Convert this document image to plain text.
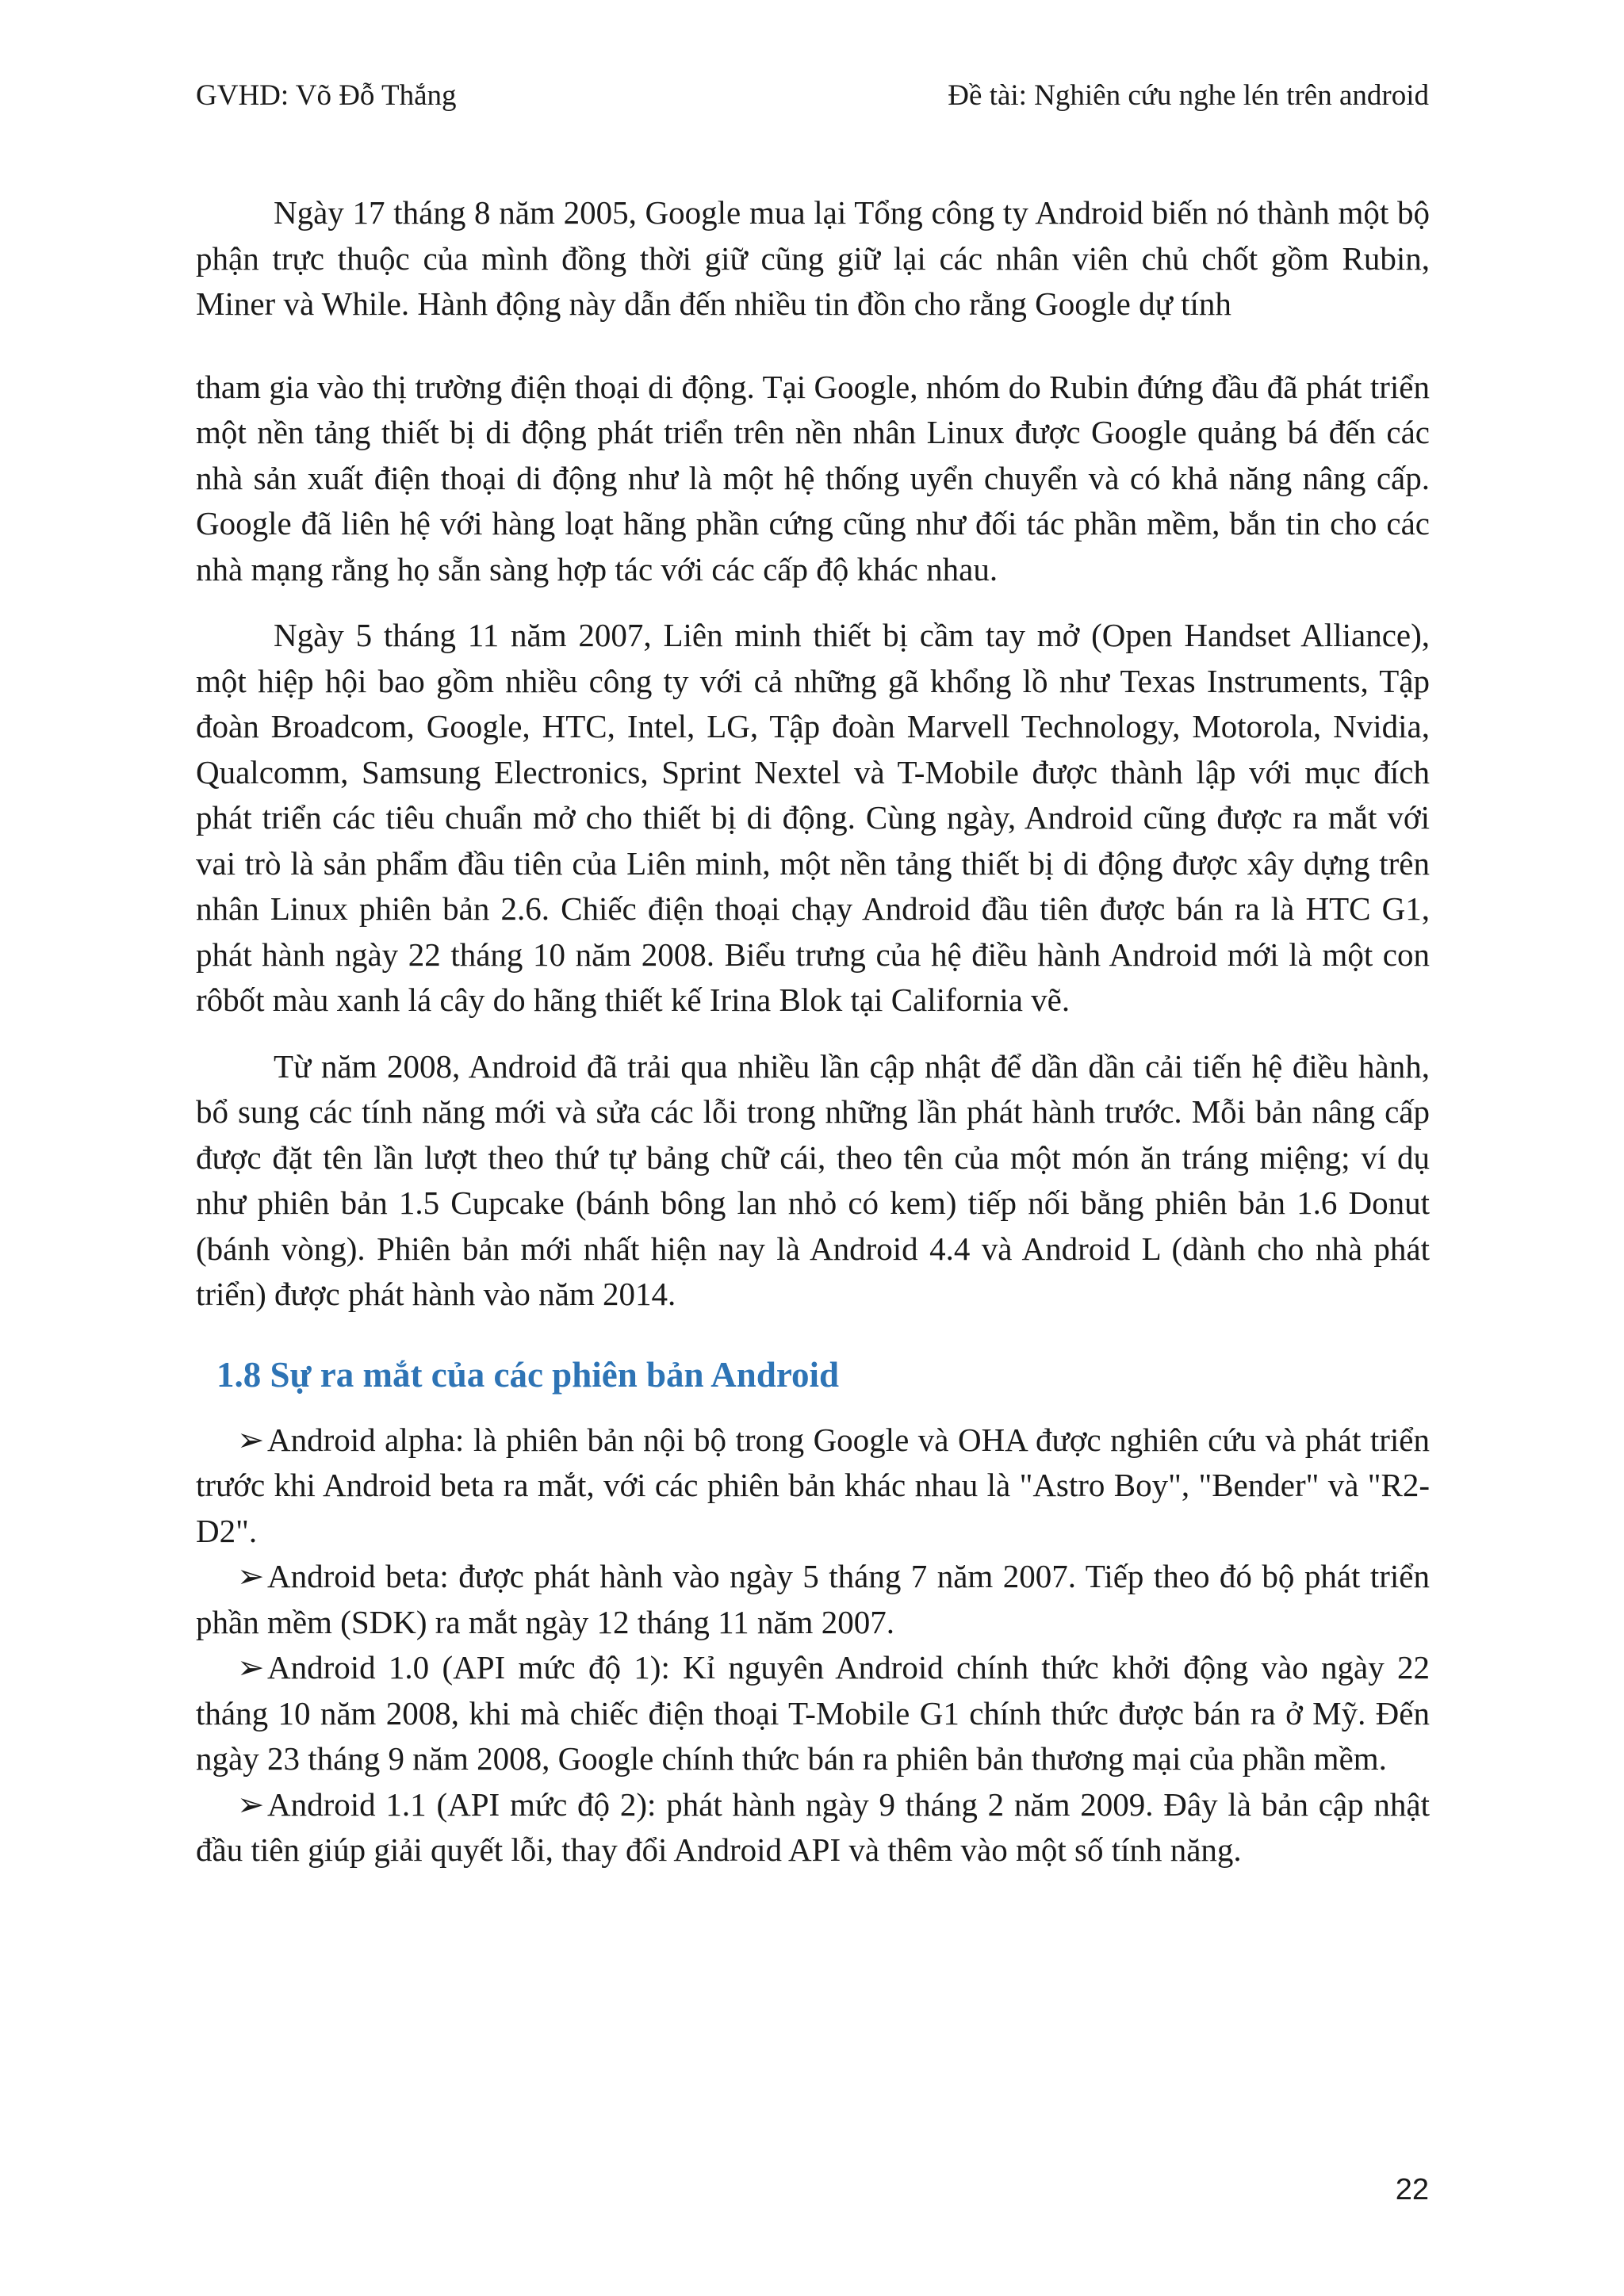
GVHD: Võ Đỗ Thắng	Đề tài: Nghiên cứu nghe lén trên android

Ngày 17 tháng 8 năm 2005, Google mua lại Tổng công ty Android biến nó thành một bộ phận trực thuộc của mình đồng thời giữ cũng giữ lại các nhân viên chủ chốt gồm Rubin, Miner và While. Hành động này dẫn đến nhiều tin đồn cho rằng Google dự tính

tham gia vào thị trường điện thoại di động. Tại Google, nhóm do Rubin đứng đầu đã phát triển một nền tảng thiết bị di động phát triển trên nền nhân Linux được Google quảng bá đến các nhà sản xuất điện thoại di động như là một hệ thống uyển chuyển và có khả năng nâng cấp. Google đã liên hệ với hàng loạt hãng phần cứng cũng như đối tác phần mềm, bắn tin cho các nhà mạng rằng họ sẵn sàng hợp tác với các cấp độ khác nhau.

Ngày 5 tháng 11 năm 2007, Liên minh thiết bị cầm tay mở (Open Handset Alliance), một hiệp hội bao gồm nhiều công ty với cả những gã khổng lồ như Texas Instruments, Tập đoàn Broadcom, Google, HTC, Intel, LG, Tập đoàn Marvell Technology, Motorola, Nvidia, Qualcomm, Samsung Electronics, Sprint Nextel và T-Mobile được thành lập với mục đích phát triển các tiêu chuẩn mở cho thiết bị di động. Cùng ngày, Android cũng được ra mắt với vai trò là sản phẩm đầu tiên của Liên minh, một nền tảng thiết bị di động được xây dựng trên nhân Linux phiên bản 2.6. Chiếc điện thoại chạy Android đầu tiên được bán ra là HTC G1, phát hành ngày 22 tháng 10 năm 2008. Biểu trưng của hệ điều hành Android mới là một con rôbốt màu xanh lá cây do hãng thiết kế Irina Blok tại California vẽ.

Từ năm 2008, Android đã trải qua nhiều lần cập nhật để dần dần cải tiến hệ điều hành, bổ sung các tính năng mới và sửa các lỗi trong những lần phát hành trước. Mỗi bản nâng cấp được đặt tên lần lượt theo thứ tự bảng chữ cái, theo tên của một món ăn tráng miệng; ví dụ như phiên bản 1.5 Cupcake (bánh bông lan nhỏ có kem) tiếp nối bằng phiên bản 1.6 Donut (bánh vòng). Phiên bản mới nhất hiện nay là Android 4.4 và Android L (dành cho nhà phát triển) được phát hành vào năm 2014.

1.8 Sự ra mắt của các phiên bản Android

➢Android alpha: là phiên bản nội bộ trong Google và OHA được nghiên cứu và phát triển trước khi Android beta ra mắt, với các phiên bản khác nhau là "Astro Boy", "Bender" và "R2-D2".

➢Android beta: được phát hành vào ngày 5 tháng 7 năm 2007. Tiếp theo đó bộ phát triển phần mềm (SDK) ra mắt ngày 12 tháng 11 năm 2007.

➢Android 1.0 (API mức độ 1): Kỉ nguyên Android chính thức khởi động vào ngày 22 tháng 10 năm 2008, khi mà chiếc điện thoại T-Mobile G1 chính thức được bán ra ở Mỹ. Đến ngày 23 tháng 9 năm 2008, Google chính thức bán ra phiên bản thương mại của phần mềm.

➢Android 1.1 (API mức độ 2): phát hành ngày 9 tháng 2 năm 2009. Đây là bản cập nhật đầu tiên giúp giải quyết lỗi, thay đổi Android API và thêm vào một số tính năng.

22
